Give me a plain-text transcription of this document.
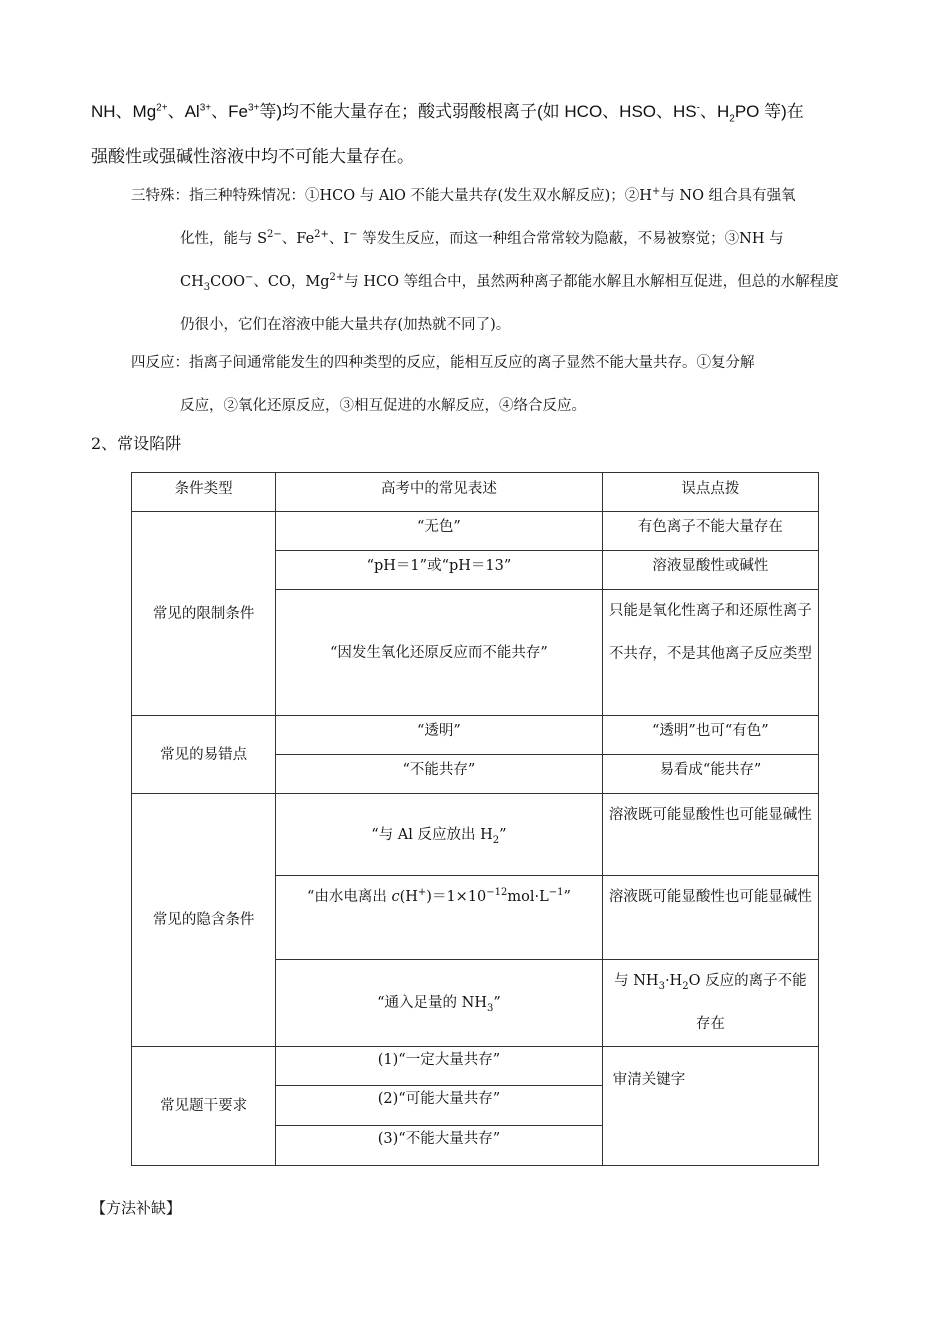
NH、$Mg^{2+}$、$Al^{3+}$、$Fe^{3+}$等)均不能大量存在；酸式弱酸根离子(如 HCO、HSO、HS-、$H_2PO$ 等)在
强酸性或强碱性溶液中均不可能大量存在。
三特殊：指三种特殊情况：①HCO 与 AlO 不能大量共存(发生双水解反应)；②H+与 NO 组合具有强氧
化性，能与 $S^{2-}$、$Fe^{2+}$、I− 等发生反应，而这一种组合常常较为隐蔽，不易被察觉；③NH 与
$CH_3COO^-$、CO，$Mg^{2+}$与 HCO 等组合中，虽然两种离子都能水解且水解相互促进，但总的水解程度
仍很小，它们在溶液中能大量共存(加热就不同了)。
四反应：指离子间通常能发生的四种类型的反应，能相互反应的离子显然不能大量共存。①复分解
反应，②氧化还原反应，③相互促进的水解反应，④络合反应。
2、常设陷阱
条件类型	高考中的常见表述	误点点拨
常见的限制条件	“无色”	有色离子不能大量存在
	“pH＝1”或“pH＝13”	溶液显酸性或碱性
	“因发生氧化还原反应而不能共存”	只能是氧化性离子和还原性离子不共存，不是其他离子反应类型
常见的易错点	“透明”	“透明”也可“有色”
	“不能共存”	易看成“能共存”
常见的隐含条件	“与 Al 反应放出 $H_2$”	溶液既可能显酸性也可能显碱性
	“由水电离出 $c(H^+)=1\times 10^{-12}mol\cdot L^{-1}$”	溶液既可能显酸性也可能显碱性
	“通入足量的 $NH_3$”	与 $NH_3\cdot H_2O$ 反应的离子不能存在
常见题干要求	(1)“一定大量共存”	审清关键字
	(2)“可能大量共存”	
	(3)“不能大量共存”	
【方法补缺】
